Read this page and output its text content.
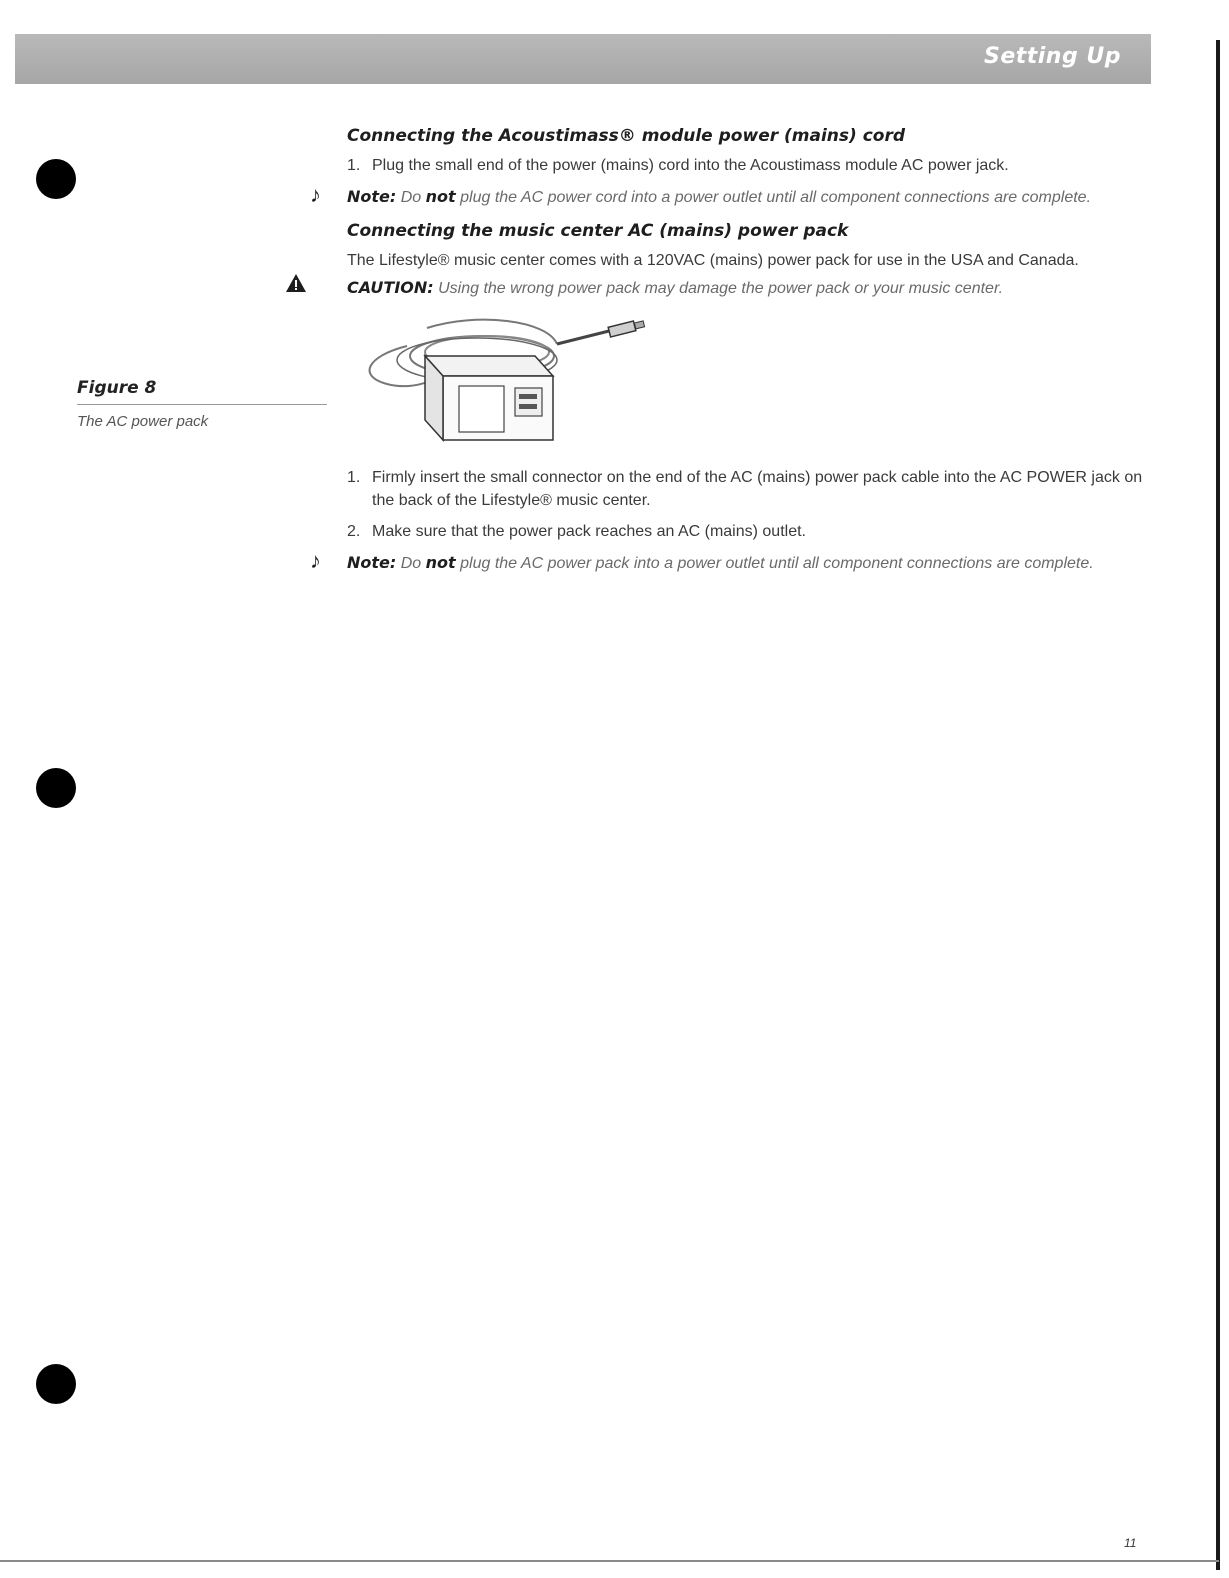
Setting Up
Figure 8
The AC power pack
Connecting the Acoustimass® module power (mains) cord
1. Plug the small end of the power (mains) cord into the Acoustimass module AC power jack.
♪ Note: Do not plug the AC power cord into a power outlet until all component connections are complete.
Connecting the music center AC (mains) power pack
The Lifestyle® music center comes with a 120VAC (mains) power pack for use in the USA and Canada.
CAUTION: Using the wrong power pack may damage the power pack or your music center.
1. Firmly insert the small connector on the end of the AC (mains) power pack cable into the AC POWER jack on the back of the Lifestyle® music center.
2. Make sure that the power pack reaches an AC (mains) outlet.
♪ Note: Do not plug the AC power pack into a power outlet until all component connections are complete.
11
